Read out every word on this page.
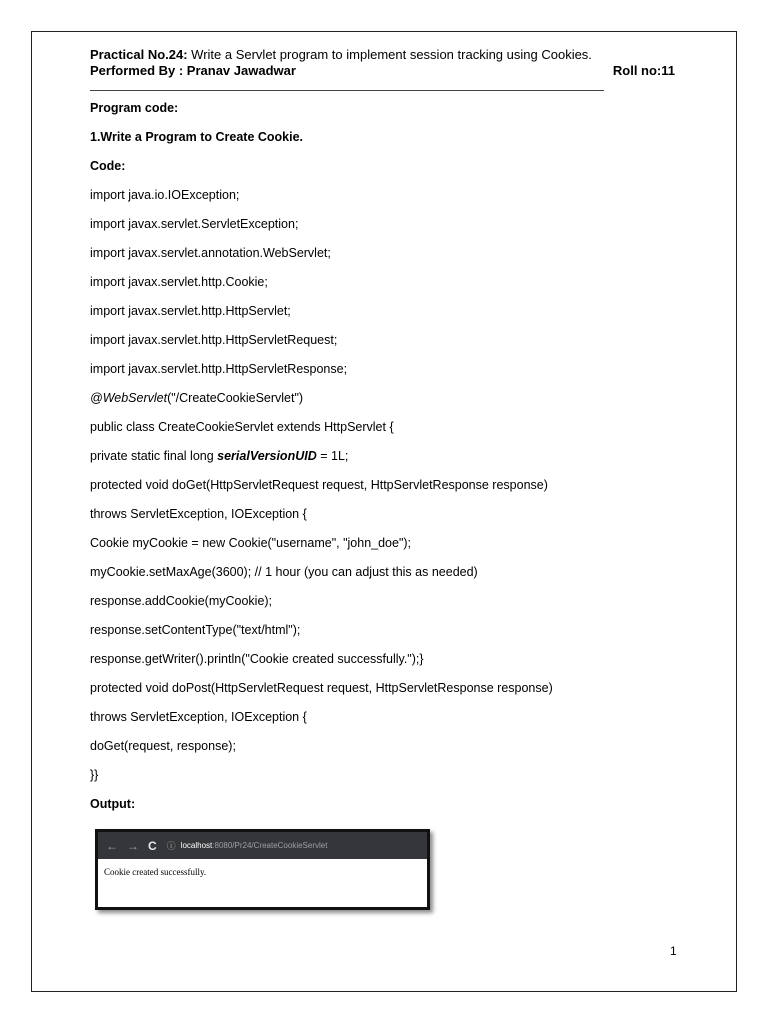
Practical No.24: Write a Servlet program to implement session tracking using Cookies.
Performed By : Pranav Jawadwar	Roll no:11

Program code:

1.Write a Program to Create Cookie.

Code:

import java.io.IOException;

import javax.servlet.ServletException;

import javax.servlet.annotation.WebServlet;

import javax.servlet.http.Cookie;

import javax.servlet.http.HttpServlet;

import javax.servlet.http.HttpServletRequest;

import javax.servlet.http.HttpServletResponse;

@WebServlet("/CreateCookieServlet")

public class CreateCookieServlet extends HttpServlet {

private static final long serialVersionUID = 1L;

protected void doGet(HttpServletRequest request, HttpServletResponse response)

throws ServletException, IOException {

Cookie myCookie = new Cookie("username", "john_doe");

myCookie.setMaxAge(3600); // 1 hour (you can adjust this as needed)

response.addCookie(myCookie);

response.setContentType("text/html");

response.getWriter().println("Cookie created successfully.");}

protected void doPost(HttpServletRequest request, HttpServletResponse response)

throws ServletException, IOException {

doGet(request, response);

}}

Output:

← → C ⓘ localhost :8080/Pr24/CreateCookieServlet
Cookie created successfully.
1
